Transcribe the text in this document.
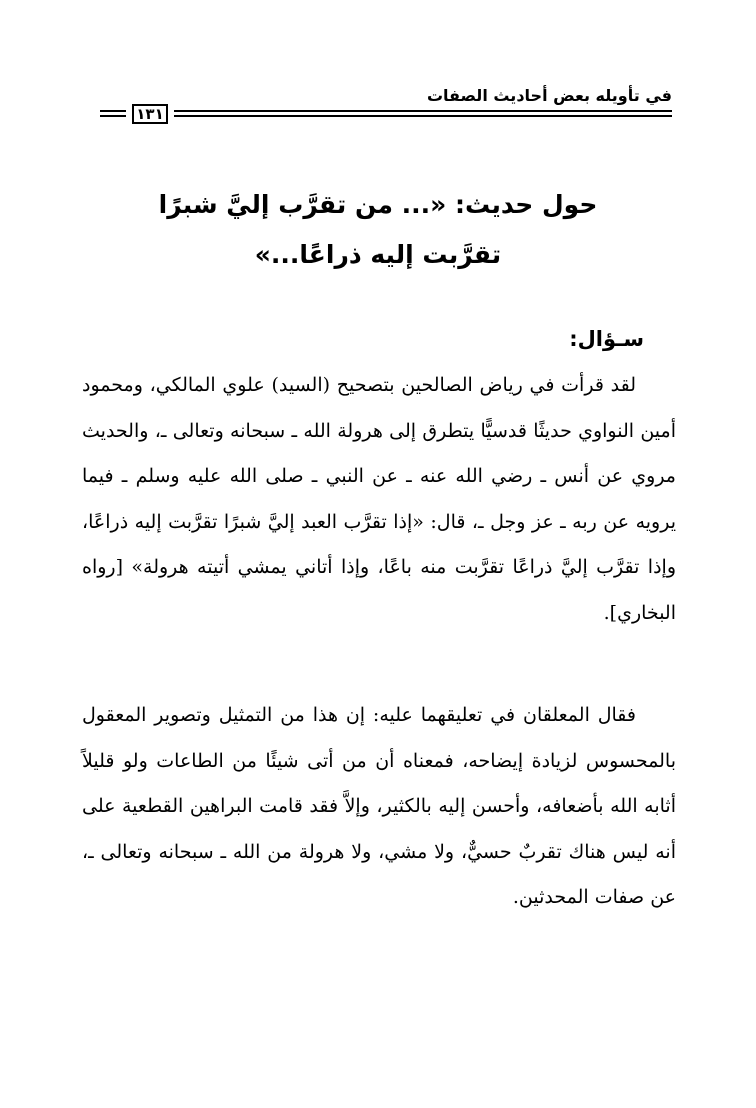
في تأويله بعض أحاديث الصفات
١٣١
حول حديث: «... من تقرَّب إليَّ شبرًا
تقرَّبت إليه ذراعًا...»
سـؤال:
لقد قرأت في رياض الصالحين بتصحيح (السيد) علوي المالكي، ومحمود أمين النواوي حديثًا قدسيًّا يتطرق إلى هرولة الله ـ سبحانه وتعالى ـ، والحديث مروي عن أنس ـ رضي الله عنه ـ عن النبي ـ صلى الله عليه وسلم ـ فيما يرويه عن ربه ـ عز وجل ـ، قال: «إذا تقرَّب العبد إليَّ شبرًا تقرَّبت إليه ذراعًا، وإذا تقرَّب إليَّ ذراعًا تقرَّبت منه باعًا، وإذا أتاني يمشي أتيته هرولة» [رواه البخاري].
فقال المعلقان في تعليقهما عليه: إن هذا من التمثيل وتصوير المعقول بالمحسوس لزيادة إيضاحه، فمعناه أن من أتى شيئًا من الطاعات ولو قليلاً أثابه الله بأضعافه، وأحسن إليه بالكثير، وإلاَّ فقد قامت البراهين القطعية على أنه ليس هناك تقربٌ حسيٌّ، ولا مشي، ولا هرولة من الله ـ سبحانه وتعالى ـ، عن صفات المحدثين.
